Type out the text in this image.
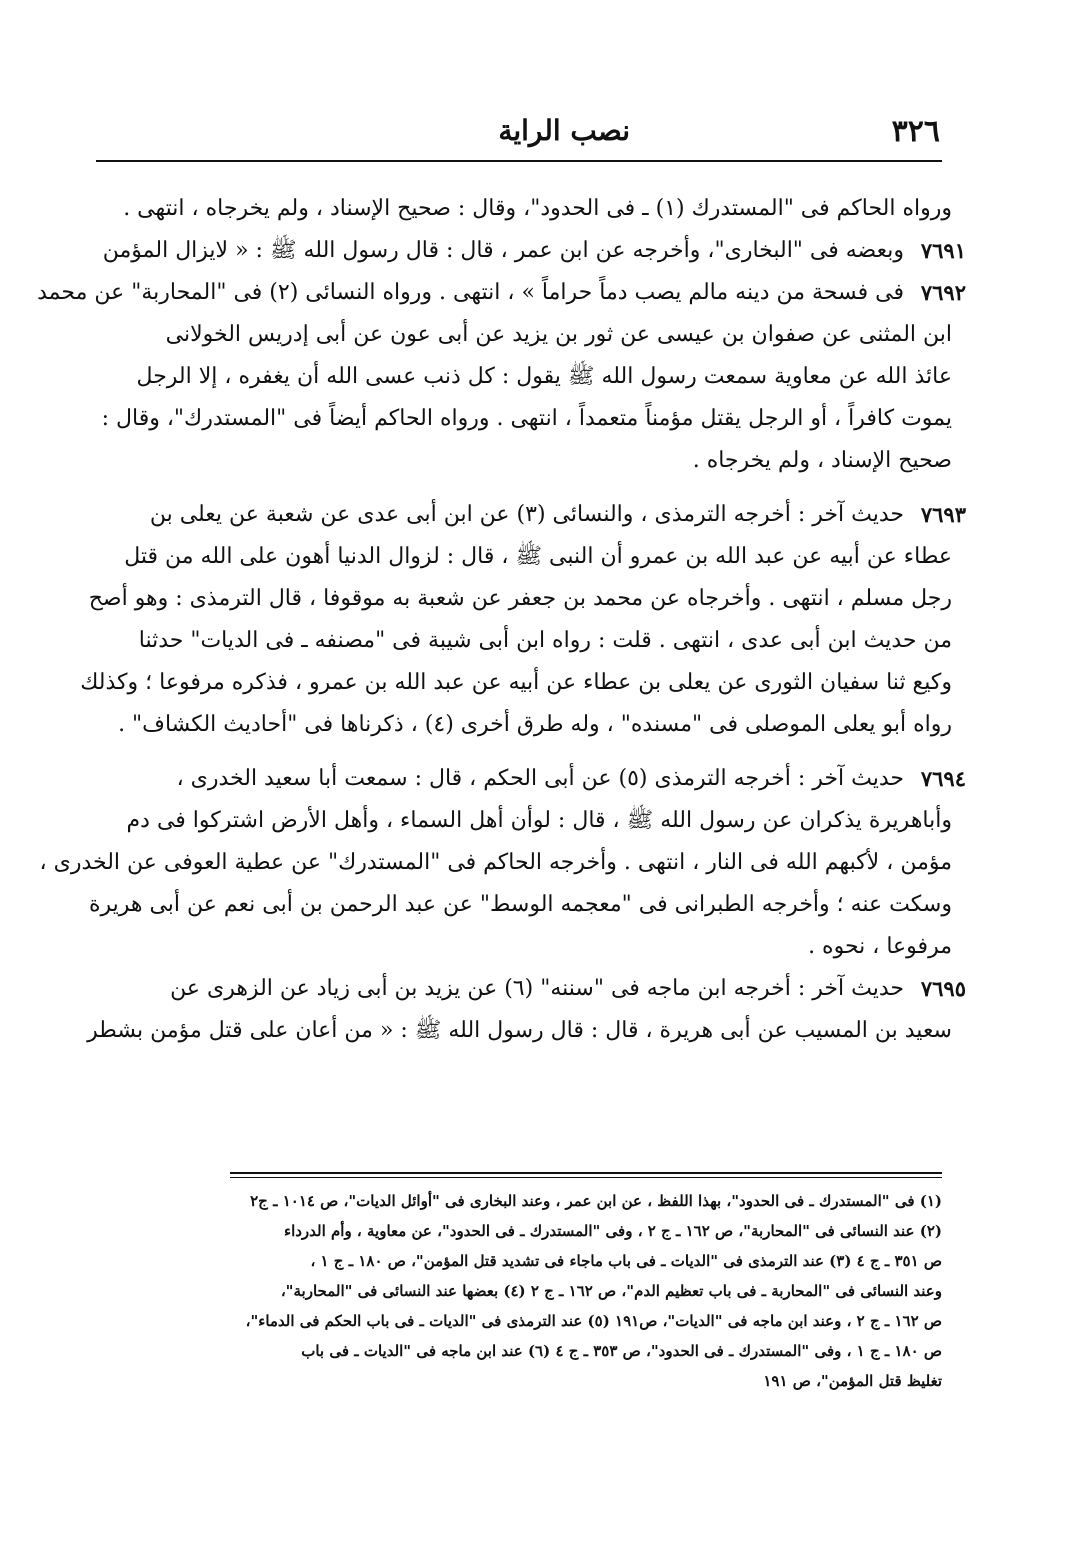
٣٢٦
نصب الراية
ورواه الحاكم فى "المستدرك (١) ـ فى الحدود"، وقال : صحيح الإسناد ، ولم يخرجاه ، انتهى .
٧٦٩١
وبعضه فى "البخارى"، وأخرجه عن ابن عمر ، قال : قال رسول الله ﷺ : « لايزال المؤمن
٧٦٩٢
فى فسحة من دينه مالم يصب دماً حراماً » ، انتهى . ورواه النسائى (٢) فى "المحاربة" عن محمد
ابن المثنى عن صفوان بن عيسى عن ثور بن يزيد عن أبى عون عن أبى إدريس الخولانى
عائذ الله عن معاوية سمعت رسول الله ﷺ يقول : كل ذنب عسى الله أن يغفره ، إلا الرجل
يموت كافراً ، أو الرجل يقتل مؤمناً متعمداً ، انتهى . ورواه الحاكم أيضاً فى "المستدرك"، وقال :
صحيح الإسناد ، ولم يخرجاه .
٧٦٩٣
حديث آخر : أخرجه الترمذى ، والنسائى (٣) عن ابن أبى عدى عن شعبة عن يعلى بن
عطاء عن أبيه عن عبد الله بن عمرو أن النبى ﷺ ، قال : لزوال الدنيا أهون على الله من قتل
رجل مسلم ، انتهى . وأخرجاه عن محمد بن جعفر عن شعبة به موقوفا ، قال الترمذى : وهو أصح
من حديث ابن أبى عدى ، انتهى . قلت : رواه ابن أبى شيبة فى "مصنفه ـ فى الديات" حدثنا
وكيع ثنا سفيان الثورى عن يعلى بن عطاء عن أبيه عن عبد الله بن عمرو ، فذكره مرفوعا ؛ وكذلك
رواه أبو يعلى الموصلى فى "مسنده" ، وله طرق أخرى (٤) ، ذكرناها فى "أحاديث الكشاف" .
٧٦٩٤
حديث آخر : أخرجه الترمذى (٥) عن أبى الحكم ، قال : سمعت أبا سعيد الخدرى ،
وأباهريرة يذكران عن رسول الله ﷺ ، قال : لوأن أهل السماء ، وأهل الأرض اشتركوا فى دم
مؤمن ، لأكبهم الله فى النار ، انتهى . وأخرجه الحاكم فى "المستدرك" عن عطية العوفى عن الخدرى ،
وسكت عنه ؛ وأخرجه الطبرانى فى "معجمه الوسط" عن عبد الرحمن بن أبى نعم عن أبى هريرة
مرفوعا ، نحوه .
٧٦٩٥
حديث آخر : أخرجه ابن ماجه فى "سننه" (٦) عن يزيد بن أبى زياد عن الزهرى عن
سعيد بن المسيب عن أبى هريرة ، قال : قال رسول الله ﷺ : « من أعان على قتل مؤمن بشطر
(١) فى "المستدرك ـ فى الحدود"، بهذا اللفظ ، عن ابن عمر ، وعند البخارى فى "أوائل الديات"، ص ١٠١٤ ـ ج٢
(٢) عند النسائى فى "المحاربة"، ص ١٦٢ ـ ج ٢ ، وفى "المستدرك ـ فى الحدود"، عن معاوية ، وأم الدرداء
ص ٣٥١ ـ ج ٤ (٣) عند الترمذى فى "الديات ـ فى باب ماجاء فى تشديد قتل المؤمن"، ص ١٨٠ ـ ج ١ ،
وعند النسائى فى "المحاربة ـ فى باب تعظيم الدم"، ص ١٦٢ ـ ج ٢ (٤) بعضها عند النسائى فى "المحاربة"،
ص ١٦٢ ـ ج ٢ ، وعند ابن ماجه فى "الديات"، ص١٩١ (٥) عند الترمذى فى "الديات ـ فى باب الحكم فى الدماء"،
ص ١٨٠ ـ ج ١ ، وفى "المستدرك ـ فى الحدود"، ص ٣٥٣ ـ ج ٤ (٦) عند ابن ماجه فى "الديات ـ فى باب
تغليظ قتل المؤمن"، ص ١٩١
